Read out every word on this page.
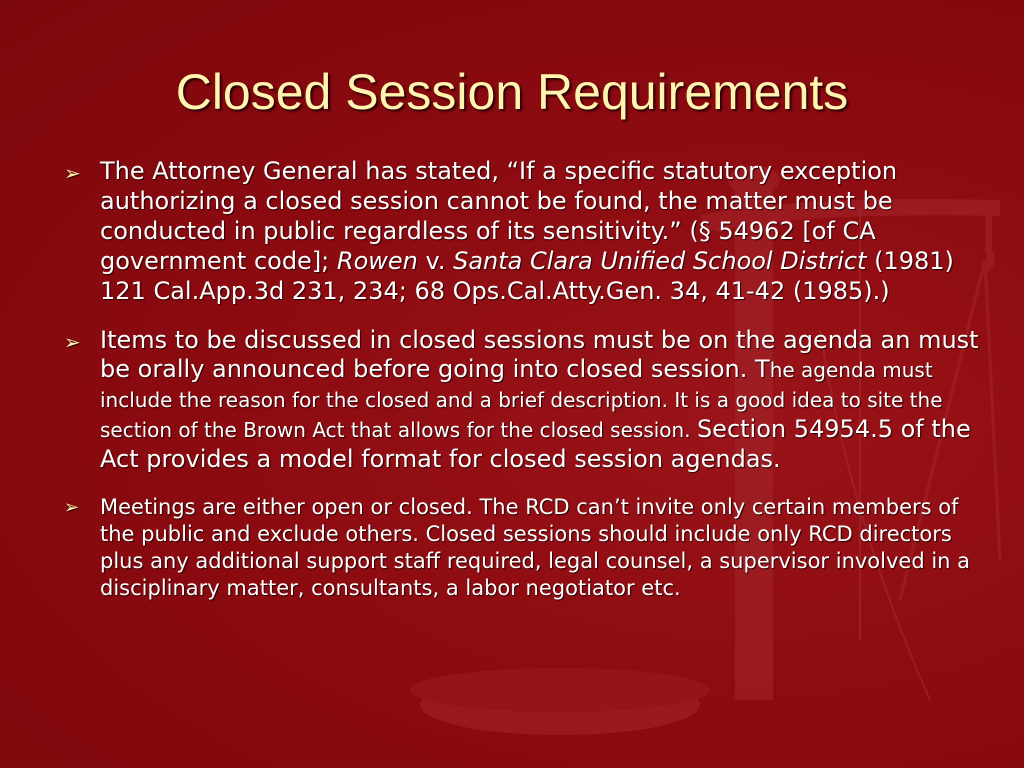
Closed Session Requirements
➢ The Attorney General has stated, “If a specific statutory exception authorizing a closed session cannot be found, the matter must be conducted in public regardless of its sensitivity.” (§ 54962 [of CA government code]; Rowen v. Santa Clara Unified School District (1981) 121 Cal.App.3d 231, 234; 68 Ops.Cal.Atty.Gen. 34, 41-42 (1985).)
➢ Items to be discussed in closed sessions must be on the agenda an must be orally announced before going into closed session. The agenda must include the reason for the closed and a brief description. It is a good idea to site the section of the Brown Act that allows for the closed session. Section 54954.5 of the Act provides a model format for closed session agendas.
➢ Meetings are either open or closed. The RCD can’t invite only certain members of the public and exclude others. Closed sessions should include only RCD directors plus any additional support staff required, legal counsel, a supervisor involved in a disciplinary matter, consultants, a labor negotiator etc.
